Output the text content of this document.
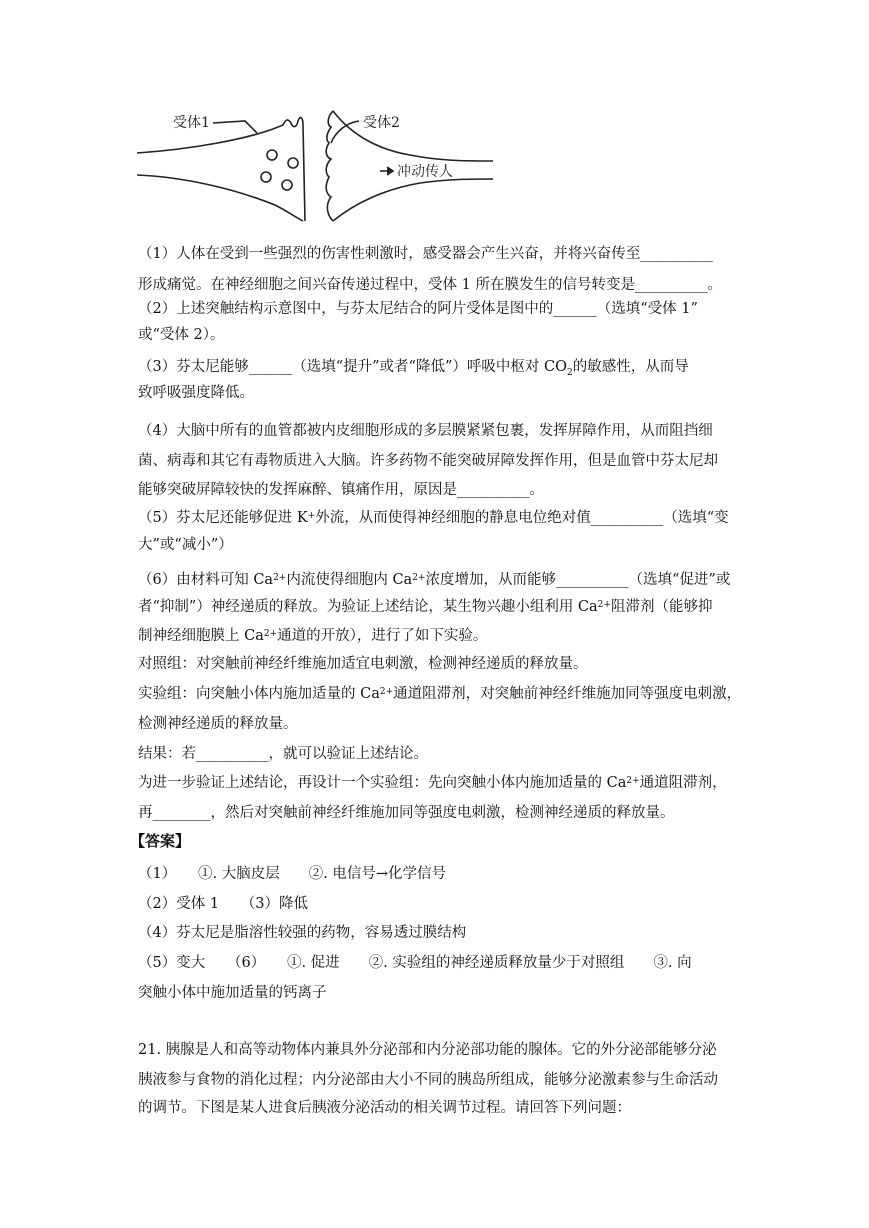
受体1	受体2
冲动传人
（1）人体在受到一些强烈的伤害性刺激时，感受器会产生兴奋，并将兴奋传至__________
形成痛觉。在神经细胞之间兴奋传递过程中，受体 1 所在膜发生的信号转变是__________。
（2）上述突触结构示意图中，与芬太尼结合的阿片受体是图中的______（选填“受体 1”
或“受体 2）。
（3）芬太尼能够______（选填“提升”或者“降低”）呼吸中枢对 $CO_2$的敏感性，从而导
致呼吸强度降低。
（4）大脑中所有的血管都被内皮细胞形成的多层膜紧紧包裹，发挥屏障作用，从而阻挡细
菌、病毒和其它有毒物质进入大脑。许多药物不能突破屏障发挥作用，但是血管中芬太尼却
能够突破屏障较快的发挥麻醉、镇痛作用，原因是__________。
（5）芬太尼还能够促进 K+外流，从而使得神经细胞的静息电位绝对值__________（选填“变
大”或“减小”）
（6）由材料可知 $Ca^{2+}$内流使得细胞内 $Ca^{2+}$浓度增加，从而能够__________（选填“促进”或
者“抑制”）神经递质的释放。为验证上述结论，某生物兴趣小组利用 $Ca^{2+}$阻滞剂（能够抑
制神经细胞膜上 $Ca^{2+}$通道的开放），进行了如下实验。
对照组：对突触前神经纤维施加适宜电刺激，检测神经递质的释放量。
实验组：向突触小体内施加适量的 $Ca^{2+}$通道阻滞剂，对突触前神经纤维施加同等强度电刺激，
检测神经递质的释放量。
结果：若__________，就可以验证上述结论。
为进一步验证上述结论，再设计一个实验组：先向突触小体内施加适量的 $Ca^{2+}$通道阻滞剂，
再________，然后对突触前神经纤维施加同等强度电刺激，检测神经递质的释放量。
【答案】
（1）　　①. 大脑皮层　　②. 电信号→化学信号
（2）受体 1　　（3）降低
（4）芬太尼是脂溶性较强的药物，容易透过膜结构
（5）变大　　（6）　　①. 促进　　②. 实验组的神经递质释放量少于对照组　　③. 向
突触小体中施加适量的钙离子
21. 胰腺是人和高等动物体内兼具外分泌部和内分泌部功能的腺体。它的外分泌部能够分泌
胰液参与食物的消化过程；内分泌部由大小不同的胰岛所组成，能够分泌激素参与生命活动
的调节。下图是某人进食后胰液分泌活动的相关调节过程。请回答下列问题：
